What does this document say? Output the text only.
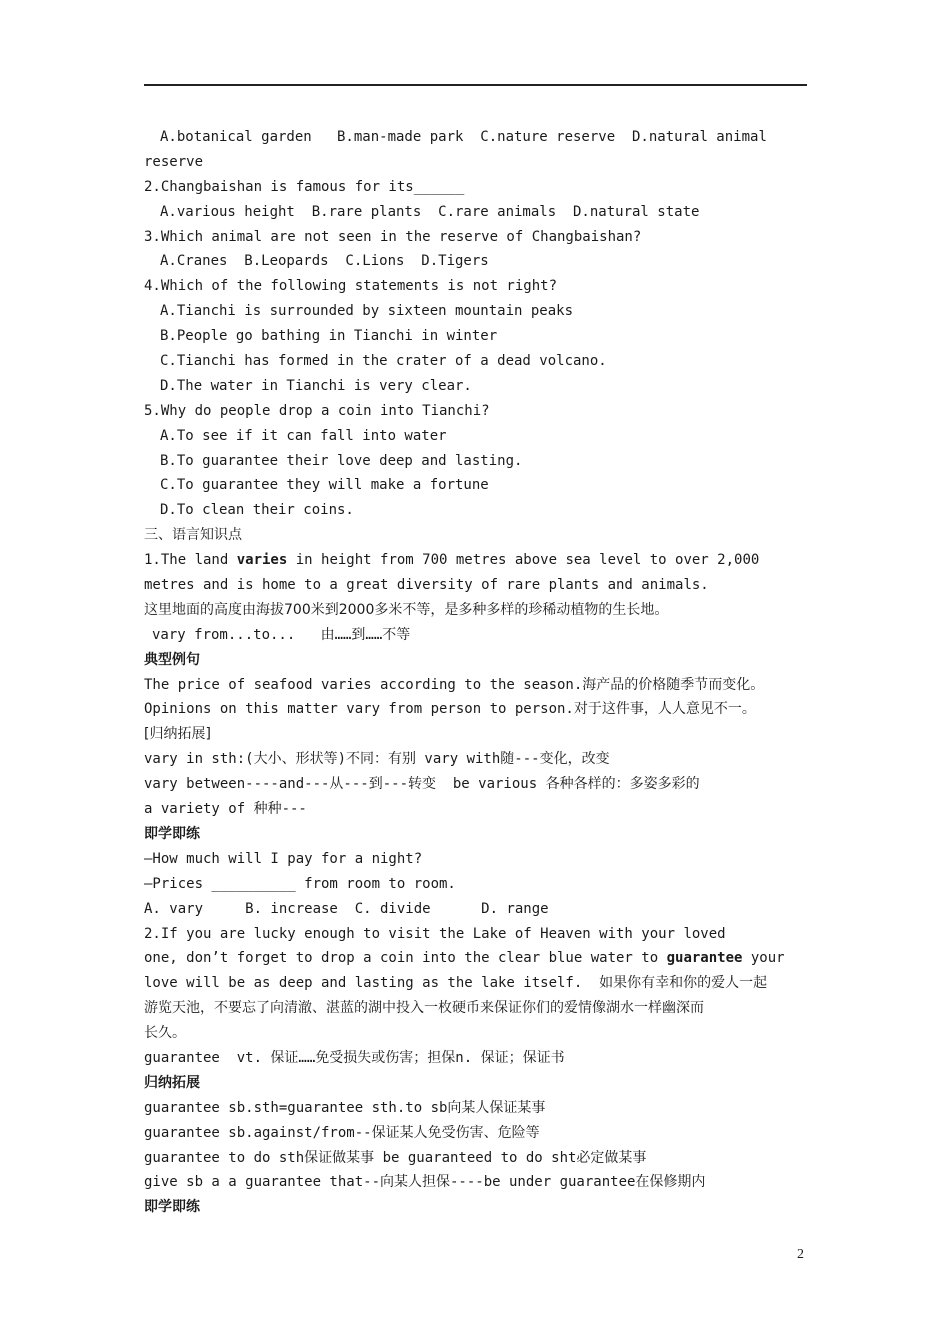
A.botanical garden   B.man-made park  C.nature reserve  D.natural animal
reserve
2.Changbaishan is famous for its______
A.various height  B.rare plants  C.rare animals  D.natural state
3.Which animal are not seen in the reserve of Changbaishan?
A.Cranes  B.Leopards  C.Lions  D.Tigers
4.Which of the following statements is not right?
A.Tianchi is surrounded by sixteen mountain peaks
B.People go bathing in Tianchi in winter
C.Tianchi has formed in the crater of a dead volcano.
D.The water in Tianchi is very clear.
5.Why do people drop a coin into Tianchi?
A.To see if it can fall into water
B.To guarantee their love deep and lasting.
C.To guarantee they will make a fortune
D.To clean their coins.
三、语言知识点
1.The land varies in height from 700 metres above sea level to over 2,000
metres and is home to a great diversity of rare plants and animals.
这里地面的高度由海拔700米到2000多米不等，是多种多样的珍稀动植物的生长地。
vary from...to...   由……到……不等
典型例句
The price of seafood varies according to the season.海产品的价格随季节而变化。
Opinions on this matter vary from person to person.对于这件事，人人意见不一。
[归纳拓展]
vary in sth:(大小、形状等)不同：有别 vary with随---变化，改变
vary between----and---从---到---转变  be various 各种各样的：多姿多彩的
a variety of 种种---
即学即练
—How much will I pay for a night?
—Prices __________ from room to room.
A. vary     B. increase  C. divide      D. range
2.If you are lucky enough to visit the Lake of Heaven with your loved
one, don’t forget to drop a coin into the clear blue water to guarantee your
love will be as deep and lasting as the lake itself.  如果你有幸和你的爱人一起
游览天池，不要忘了向清澈、湛蓝的湖中投入一枚硬币来保证你们的爱情像湖水一样幽深而
长久。
guarantee  vt. 保证……免受损失或伤害；担保n. 保证；保证书
归纳拓展
guarantee sb.sth=guarantee sth.to sb向某人保证某事
guarantee sb.against/from--保证某人免受伤害、危险等
guarantee to do sth保证做某事 be guaranteed to do sht必定做某事
give sb a a guarantee that--向某人担保----be under guarantee在保修期内
即学即练
2
